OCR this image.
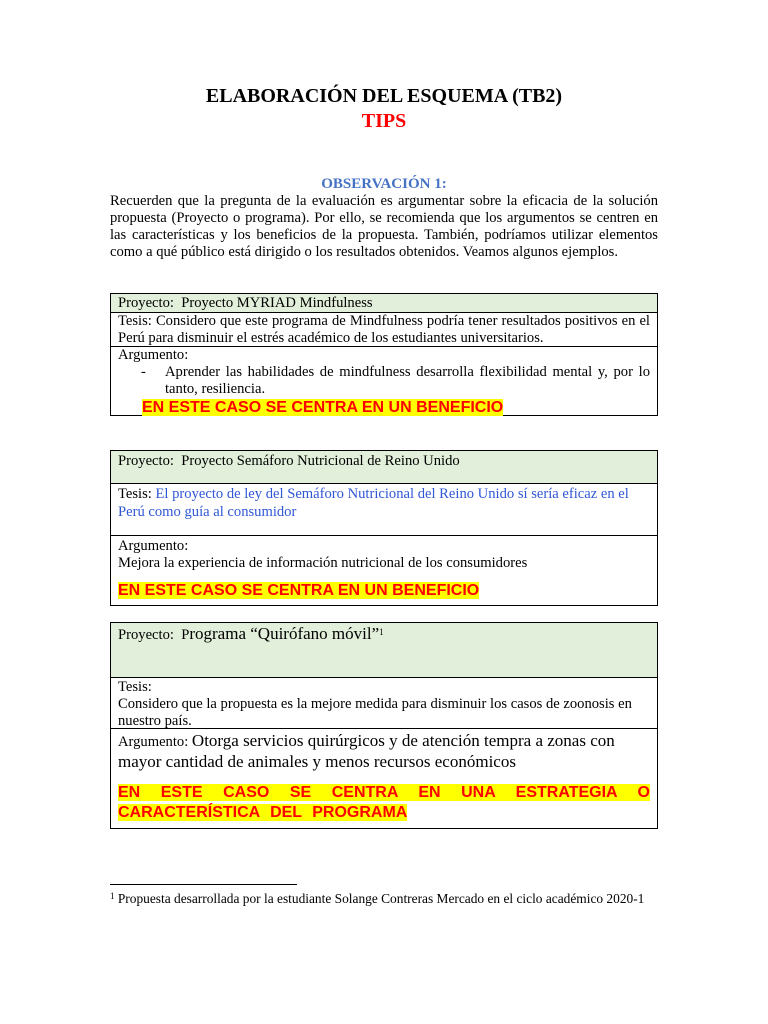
ELABORACIÓN DEL ESQUEMA (TB2)
TIPS
OBSERVACIÓN 1:

Recuerden que la pregunta de la evaluación es argumentar sobre la eficacia de la solución propuesta (Proyecto o programa). Por ello, se recomienda que los argumentos se centren en las características y los beneficios de la propuesta. También, podríamos utilizar elementos como a qué público está dirigido o los resultados obtenidos. Veamos algunos ejemplos.

Proyecto: Proyecto MYRIAD Mindfulness
Tesis: Considero que este programa de Mindfulness podría tener resultados positivos en el Perú para disminuir el estrés académico de los estudiantes universitarios.
Argumento:
-	Aprender las habilidades de mindfulness desarrolla flexibilidad mental y, por lo tanto, resiliencia.
EN ESTE CASO SE CENTRA EN UN BENEFICIO
Proyecto: Proyecto Semáforo Nutricional de Reino Unido
Tesis: El proyecto de ley del Semáforo Nutricional del Reino Unido sí sería eficaz en el Perú como guía al consumidor
Argumento:
Mejora la experiencia de información nutricional de los consumidores
EN ESTE CASO SE CENTRA EN UN BENEFICIO
Proyecto: Programa “Quirófano móvil”$^1$
Tesis:
Considero que la propuesta es la mejore medida para disminuir los casos de zoonosis en nuestro país.
Argumento: Otorga servicios quirúrgicos y de atención tempra a zonas con mayor cantidad de animales y menos recursos económicos
EN ESTE CASO SE CENTRA EN UNA ESTRATEGIA O CARACTERÍSTICA DEL PROGRAMA
$^1$ Propuesta desarrollada por la estudiante Solange Contreras Mercado en el ciclo académico 2020-1
